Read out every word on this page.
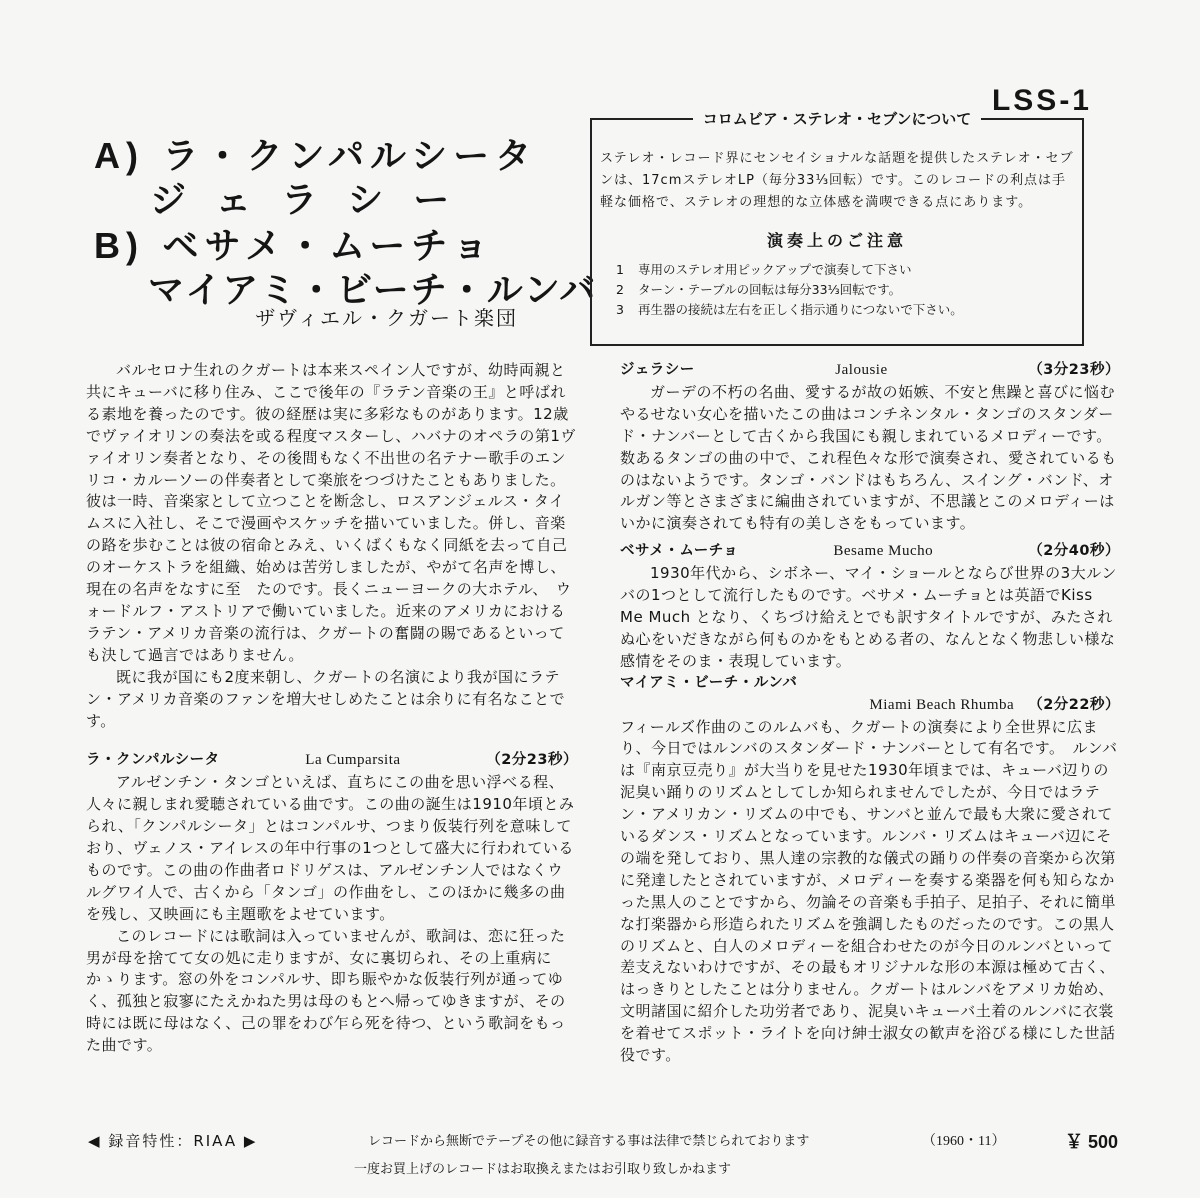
LSS-1
A) ラ・クンパルシータ
ジェラシー
B) ベサメ・ムーチョ
マイアミ・ビーチ・ルンバ
ザヴィエル・クガート楽団
コロムビア・ステレオ・セブンについて
ステレオ・レコード界にセンセイショナルな話題を提供したステレオ・セブンは、17cmステレオLP（毎分33⅓回転）です。このレコードの利点は手軽な価格で、ステレオの理想的な立体感を満喫できる点にあります。
演奏上のご注意
1 専用のステレオ用ピックアップで演奏して下さい
2 ターン・テーブルの回転は毎分33⅓回転です。
3 再生器の接続は左右を正しく指示通りにつないで下さい。

バルセロナ生れのクガートは本来スペイン人ですが、幼時両親と共にキューバに移り住み、ここで後年の『ラテン音楽の王』と呼ばれる素地を養ったのです。彼の経歴は実に多彩なものがあります。12歳でヴァイオリンの奏法を或る程度マスターし、ハバナのオペラの第1ヴァイオリン奏者となり、その後間もなく不出世の名テナー歌手のエンリコ・カルーソーの伴奏者として楽旅をつづけたこともありました。彼は一時、音楽家として立つことを断念し、ロスアンジェルス・タイムスに入社し、そこで漫画やスケッチを描いていました。併し、音楽の路を歩むことは彼の宿命とみえ、いくばくもなく同紙を去って自己のオーケストラを組織、始めは苦労しましたが、やがて名声を博し、現在の名声をなすに至　たのです。長くニューヨークの大ホテル、　ウォードルフ・アストリアで働いていました。近来のアメリカにおけるラテン・アメリカ音楽の流行は、クガートの奮闘の賜であるといっても決して過言ではありません。

既に我が国にも2度来朝し、クガートの名演により我が国にラテン・アメリカ音楽のファンを増大せしめたことは余りに有名なことです。

ラ・クンパルシータ	La Cumparsita	（2分23秒）

アルゼンチン・タンゴといえば、直ちにこの曲を思い浮べる程、人々に親しまれ愛聴されている曲です。この曲の誕生は1910年頃とみられ、「クンパルシータ」とはコンパルサ、つまり仮装行列を意味しており、ヴェノス・アイレスの年中行事の1つとして盛大に行われているものです。この曲の作曲者ロドリゲスは、アルゼンチン人ではなくウルグワイ人で、古くから「タンゴ」の作曲をし、このほかに幾多の曲を残し、又映画にも主題歌をよせています。

このレコードには歌詞は入っていませんが、歌詞は、恋に狂った男が母を捨てて女の処に走りますが、女に裏切られ、その上重病にかゝります。窓の外をコンパルサ、即ち賑やかな仮装行列が通ってゆく、孤独と寂寥にたえかねた男は母のもとへ帰ってゆきますが、その時には既に母はなく、己の罪をわび乍ら死を待つ、という歌詞をもった曲です。

ジェラシー	Jalousie	（3分23秒）

ガーデの不朽の名曲、愛するが故の妬嫉、不安と焦躁と喜びに悩むやるせない女心を描いたこの曲はコンチネンタル・タンゴのスタンダード・ナンバーとして古くから我国にも親しまれているメロディーです。数あるタンゴの曲の中で、これ程色々な形で演奏され、愛されているものはないようです。タンゴ・バンドはもちろん、スイング・バンド、オルガン等とさまざまに編曲されていますが、不思議とこのメロディーはいかに演奏されても特有の美しさをもっています。

ベサメ・ムーチョ	Besame Mucho	（2分40秒）

1930年代から、シボネー、マイ・ショールとならび世界の3大ルンバの1つとして流行したものです。ベサメ・ムーチョとは英語でKiss Me Much となり、くちづけ給えとでも訳すタイトルですが、みたされぬ心をいだきながら何ものかをもとめる者の、なんとなく物悲しい様な感情をそのま・表現しています。

マイアミ・ビーチ・ルンバ
Miami Beach Rhumba （2分22秒）

フィールズ作曲のこのルムバも、クガートの演奏により全世界に広まり、今日ではルンバのスタンダード・ナンバーとして有名です。　ルンバは『南京豆売り』が大当りを見せた1930年頃までは、キューバ辺りの泥臭い踊りのリズムとしてしか知られませんでしたが、今日ではラテン・アメリカン・リズムの中でも、サンバと並んで最も大衆に愛されているダンス・リズムとなっています。ルンバ・リズムはキューバ辺にその端を発しており、黒人達の宗教的な儀式の踊りの伴奏の音楽から次第に発達したとされていますが、メロディーを奏する楽器を何も知らなかった黒人のことですから、勿論その音楽も手拍子、足拍子、それに簡単な打楽器から形造られたリズムを強調したものだったのです。この黒人のリズムと、白人のメロディーを組合わせたのが今日のルンバといって差支えないわけですが、その最もオリジナルな形の本源は極めて古く、はっきりとしたことは分りません。クガートはルンバをアメリカ始め、文明諸国に紹介した功労者であり、泥臭いキューバ土着のルンバに衣裳を着せてスポット・ライトを向け紳士淑女の歓声を浴びる様にした世話役です。

◀ 録音特性：RIAA ▶	レコードから無断でテープその他に録音する事は法律で禁じられております
一度お買上げのレコードはお取換えまたはお引取り致しかねます
（1960・11）	￥ 500
